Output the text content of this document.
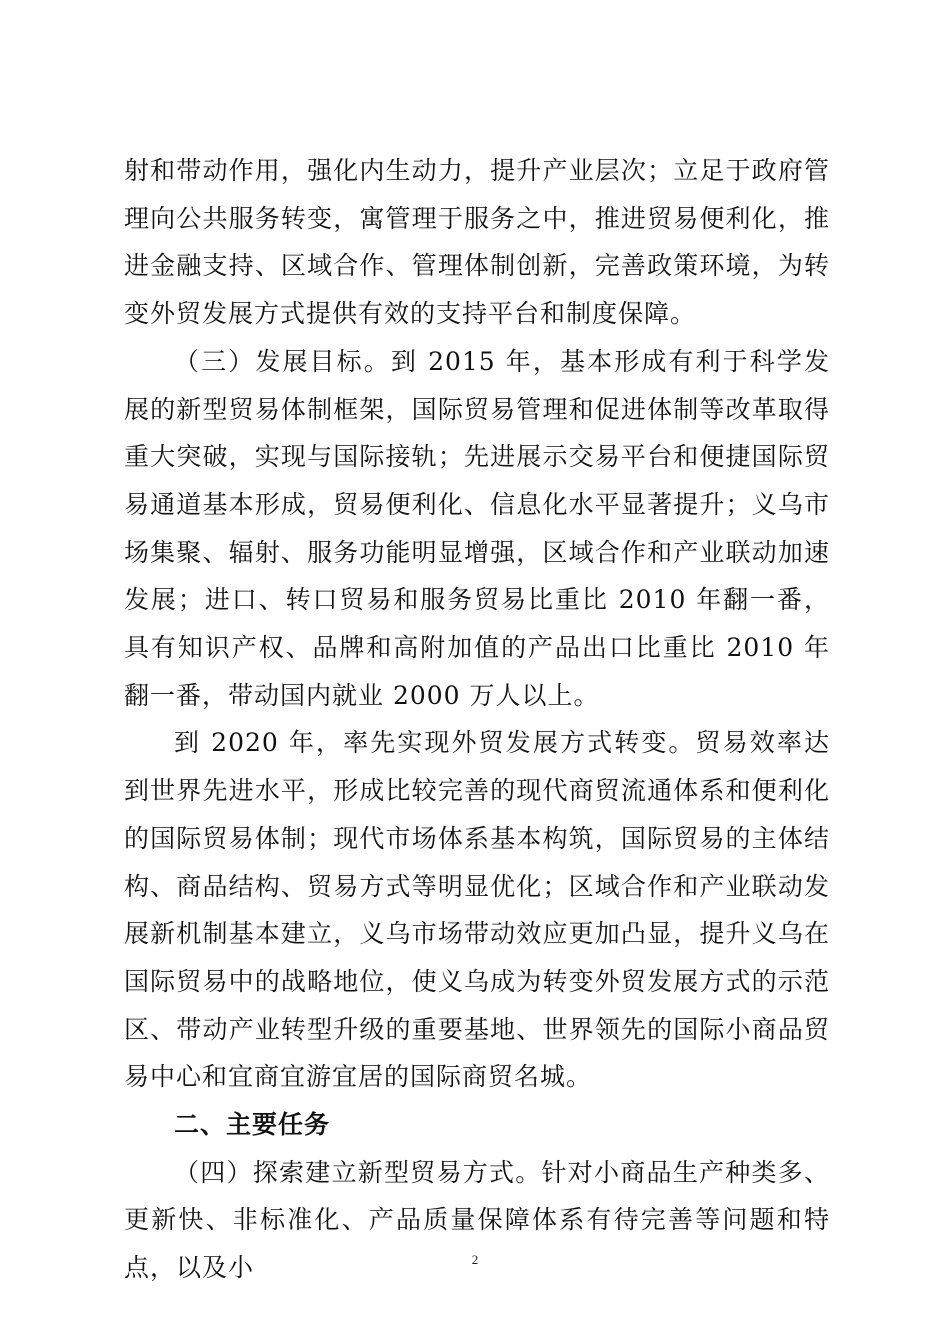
射和带动作用，强化内生动力，提升产业层次；立足于政府管理向公共服务转变，寓管理于服务之中，推进贸易便利化，推进金融支持、区域合作、管理体制创新，完善政策环境，为转变外贸发展方式提供有效的支持平台和制度保障。

（三）发展目标。到 2015 年，基本形成有利于科学发展的新型贸易体制框架，国际贸易管理和促进体制等改革取得重大突破，实现与国际接轨；先进展示交易平台和便捷国际贸易通道基本形成，贸易便利化、信息化水平显著提升；义乌市场集聚、辐射、服务功能明显增强，区域合作和产业联动加速发展；进口、转口贸易和服务贸易比重比 2010 年翻一番，具有知识产权、品牌和高附加值的产品出口比重比 2010 年翻一番，带动国内就业 2000 万人以上。

到 2020 年，率先实现外贸发展方式转变。贸易效率达到世界先进水平，形成比较完善的现代商贸流通体系和便利化的国际贸易体制；现代市场体系基本构筑，国际贸易的主体结构、商品结构、贸易方式等明显优化；区域合作和产业联动发展新机制基本建立，义乌市场带动效应更加凸显，提升义乌在国际贸易中的战略地位，使义乌成为转变外贸发展方式的示范区、带动产业转型升级的重要基地、世界领先的国际小商品贸易中心和宜商宜游宜居的国际商贸名城。

二、主要任务

（四）探索建立新型贸易方式。针对小商品生产种类多、更新快、非标准化、产品质量保障体系有待完善等问题和特点，以及小	2
